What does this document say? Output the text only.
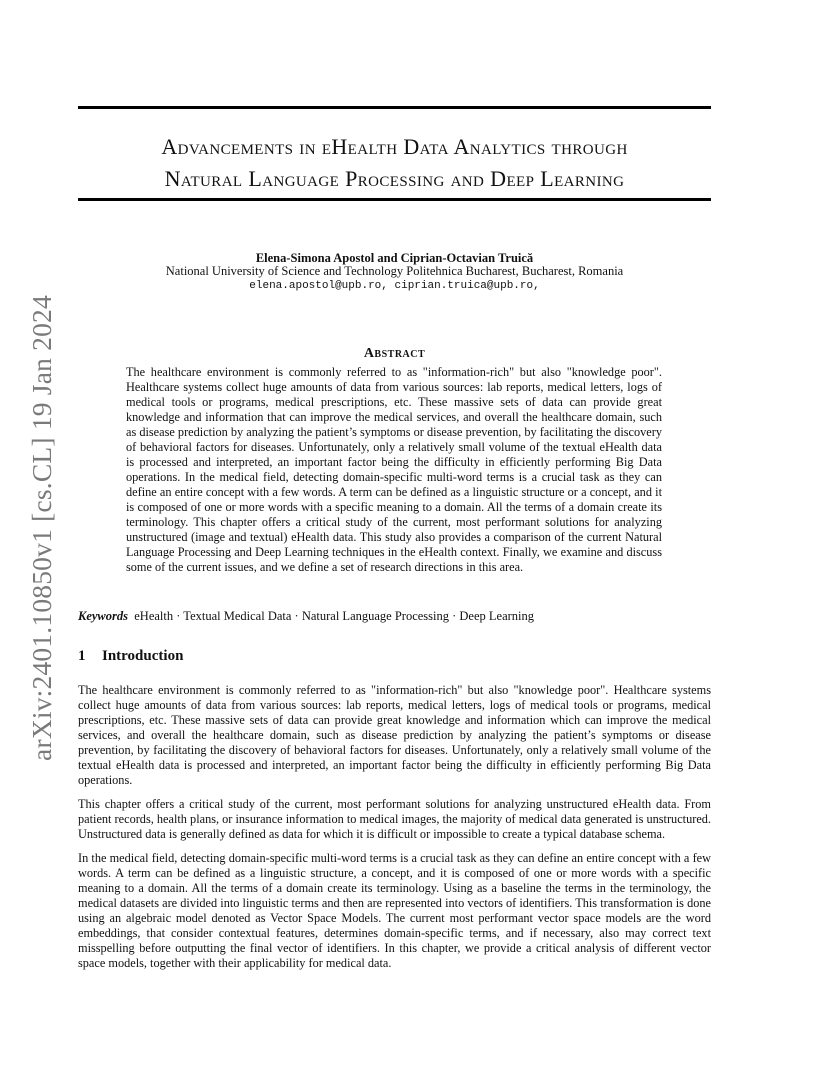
arXiv:2401.10850v1 [cs.CL] 19 Jan 2024
Advancements in eHealth Data Analytics through
Natural Language Processing and Deep Learning
Elena-Simona Apostol and Ciprian-Octavian Truică
National University of Science and Technology Politehnica Bucharest, Bucharest, Romania
elena.apostol@upb.ro, ciprian.truica@upb.ro,
Abstract

The healthcare environment is commonly referred to as "information-rich" but also "knowledge poor". Healthcare systems collect huge amounts of data from various sources: lab reports, medical letters, logs of medical tools or programs, medical prescriptions, etc. These massive sets of data can provide great knowledge and information that can improve the medical services, and overall the healthcare domain, such as disease prediction by analyzing the patient’s symptoms or disease prevention, by facilitating the discovery of behavioral factors for diseases. Unfortunately, only a relatively small volume of the textual eHealth data is processed and interpreted, an important factor being the difficulty in efficiently performing Big Data operations. In the medical field, detecting domain-specific multi-word terms is a crucial task as they can define an entire concept with a few words. A term can be defined as a linguistic structure or a concept, and it is composed of one or more words with a specific meaning to a domain. All the terms of a domain create its terminology. This chapter offers a critical study of the current, most performant solutions for analyzing unstructured (image and textual) eHealth data. This study also provides a comparison of the current Natural Language Processing and Deep Learning techniques in the eHealth context. Finally, we examine and discuss some of the current issues, and we define a set of research directions in this area.

Keywords eHealth · Textual Medical Data · Natural Language Processing · Deep Learning
1 Introduction

The healthcare environment is commonly referred to as "information-rich" but also "knowledge poor". Healthcare systems collect huge amounts of data from various sources: lab reports, medical letters, logs of medical tools or programs, medical prescriptions, etc. These massive sets of data can provide great knowledge and information which can improve the medical services, and overall the healthcare domain, such as disease prediction by analyzing the patient’s symptoms or disease prevention, by facilitating the discovery of behavioral factors for diseases. Unfortunately, only a relatively small volume of the textual eHealth data is processed and interpreted, an important factor being the difficulty in efficiently performing Big Data operations.

This chapter offers a critical study of the current, most performant solutions for analyzing unstructured eHealth data. From patient records, health plans, or insurance information to medical images, the majority of medical data generated is unstructured. Unstructured data is generally defined as data for which it is difficult or impossible to create a typical database schema.

In the medical field, detecting domain-specific multi-word terms is a crucial task as they can define an entire concept with a few words. A term can be defined as a linguistic structure, a concept, and it is composed of one or more words with a specific meaning to a domain. All the terms of a domain create its terminology. Using as a baseline the terms in the terminology, the medical datasets are divided into linguistic terms and then are represented into vectors of identifiers. This transformation is done using an algebraic model denoted as Vector Space Models. The current most performant vector space models are the word embeddings, that consider contextual features, determines domain-specific terms, and if necessary, also may correct text misspelling before outputting the final vector of identifiers. In this chapter, we provide a critical analysis of different vector space models, together with their applicability for medical data.
